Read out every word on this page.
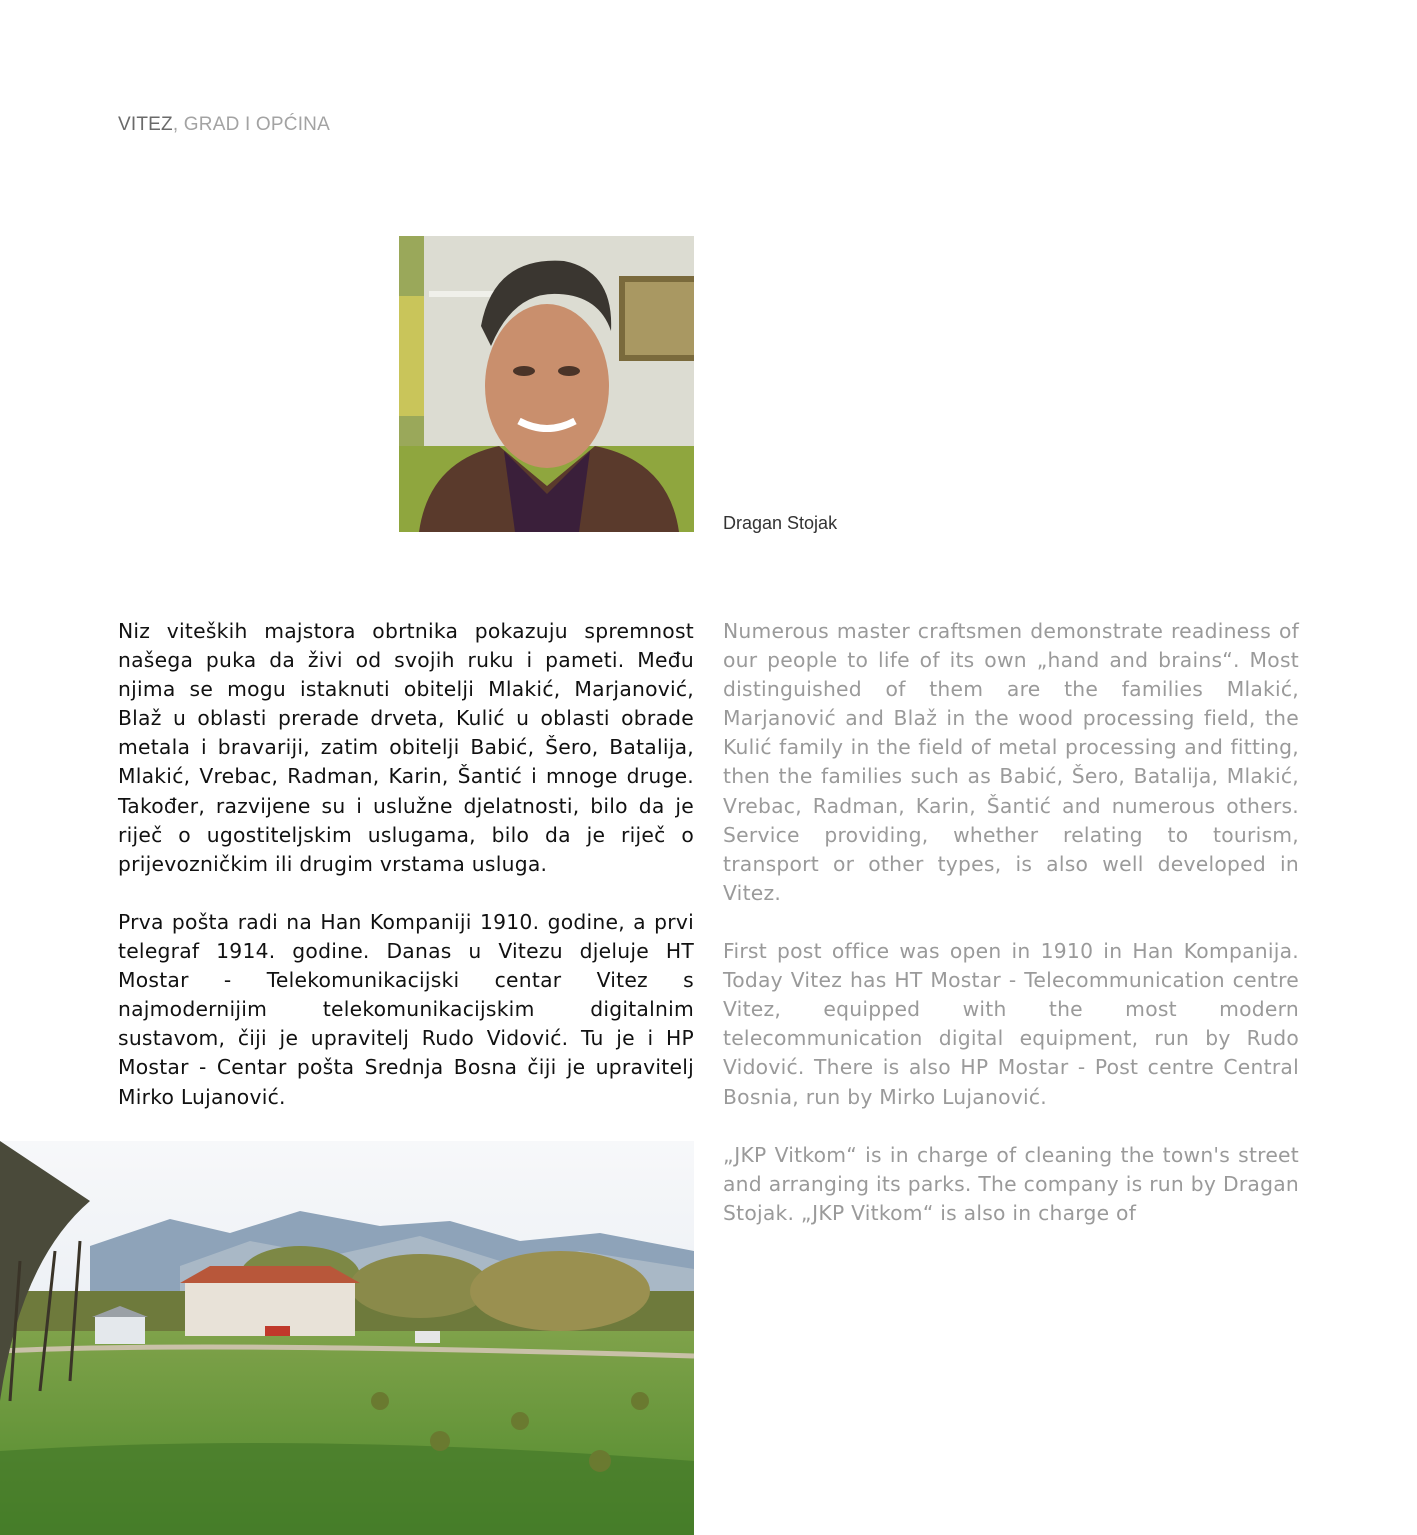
VITEZ, GRAD I OPĆINA
Dragan Stojak

Niz viteških majstora obrtnika pokazuju spremnost našega puka da živi od svojih ruku i pameti. Među njima se mogu istaknuti obitelji Mlakić, Marjanović, Blaž u oblasti prerade drveta, Kulić u oblasti obrade metala i bravariji, zatim obitelji Babić, Šero, Batalija, Mlakić, Vrebac, Radman, Karin, Šantić i mnoge druge. Također, razvijene su i uslužne djelatnosti, bilo da je riječ o ugostiteljskim uslugama, bilo da je riječ o prijevozničkim ili drugim vrstama usluga.

Prva pošta radi na Han Kompaniji 1910. godine, a prvi telegraf 1914. godine. Danas u Vitezu djeluje HT Mostar - Telekomunikacijski centar Vitez s najmodernijim telekomunikacijskim digitalnim sustavom, čiji je upravitelj Rudo Vidović. Tu je i HP Mostar - Centar pošta Srednja Bosna čiji je upravitelj Mirko Lujanović.

Numerous master craftsmen demonstrate readiness of our people to life of its own „hand and brains“. Most distinguished of them are the families Mlakić, Marjanović and Blaž in the wood processing field, the Kulić family in the field of metal processing and fitting, then the families such as Babić, Šero, Batalija, Mlakić, Vrebac, Radman, Karin, Šantić and numerous others. Service providing, whether relating to tourism, transport or other types, is also well developed in Vitez.

First post office was open in 1910 in Han Kompanija. Today Vitez has HT Mostar - Telecommunication centre Vitez, equipped with the most modern telecommunication digital equipment, run by Rudo Vidović. There is also HP Mostar - Post centre Central Bosnia, run by Mirko Lujanović.

„JKP Vitkom“ is in charge of cleaning the town's street and arranging its parks. The company is run by Dragan Stojak. „JKP Vitkom“ is also in charge of
